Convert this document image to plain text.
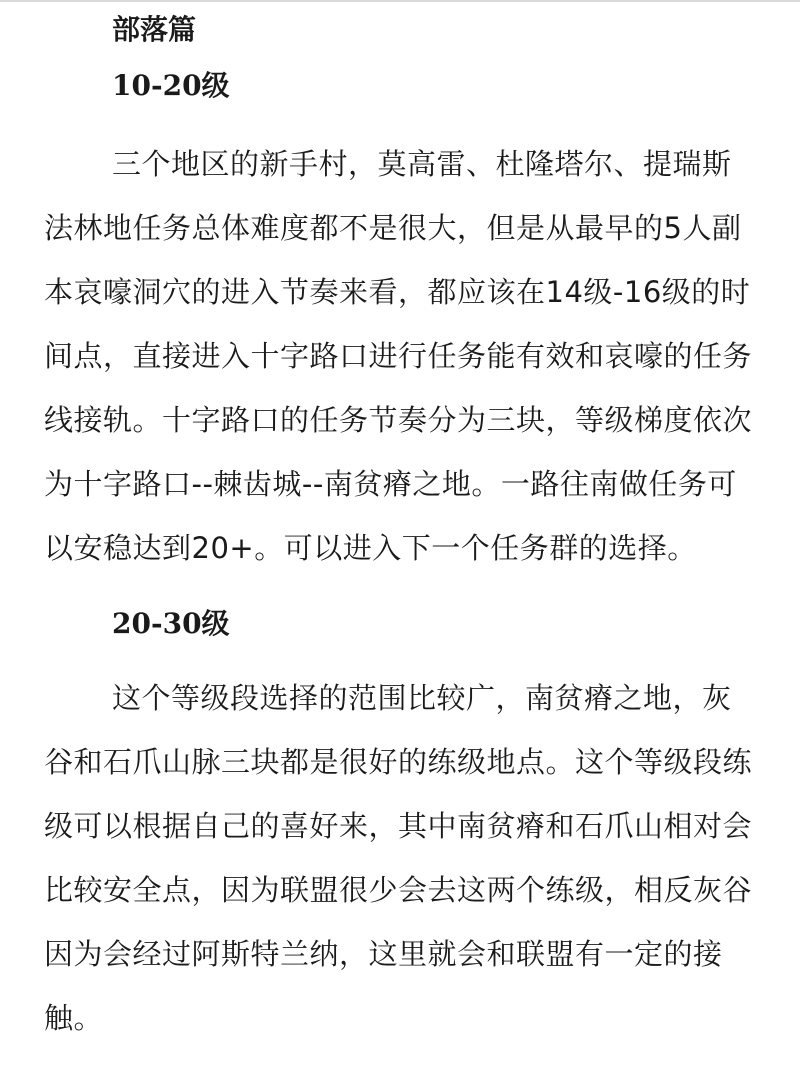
部落篇
10-20级

三个地区的新手村，莫高雷、杜隆塔尔、提瑞斯法林地任务总体难度都不是很大，但是从最早的5人副本哀嚎洞穴的进入节奏来看，都应该在14级-16级的时间点，直接进入十字路口进行任务能有效和哀嚎的任务线接轨。十字路口的任务节奏分为三块，等级梯度依次为十字路口--棘齿城--南贫瘠之地。一路往南做任务可以安稳达到20+。可以进入下一个任务群的选择。

20-30级

这个等级段选择的范围比较广，南贫瘠之地，灰谷和石爪山脉三块都是很好的练级地点。这个等级段练级可以根据自己的喜好来，其中南贫瘠和石爪山相对会比较安全点，因为联盟很少会去这两个练级，相反灰谷因为会经过阿斯特兰纳，这里就会和联盟有一定的接触。
